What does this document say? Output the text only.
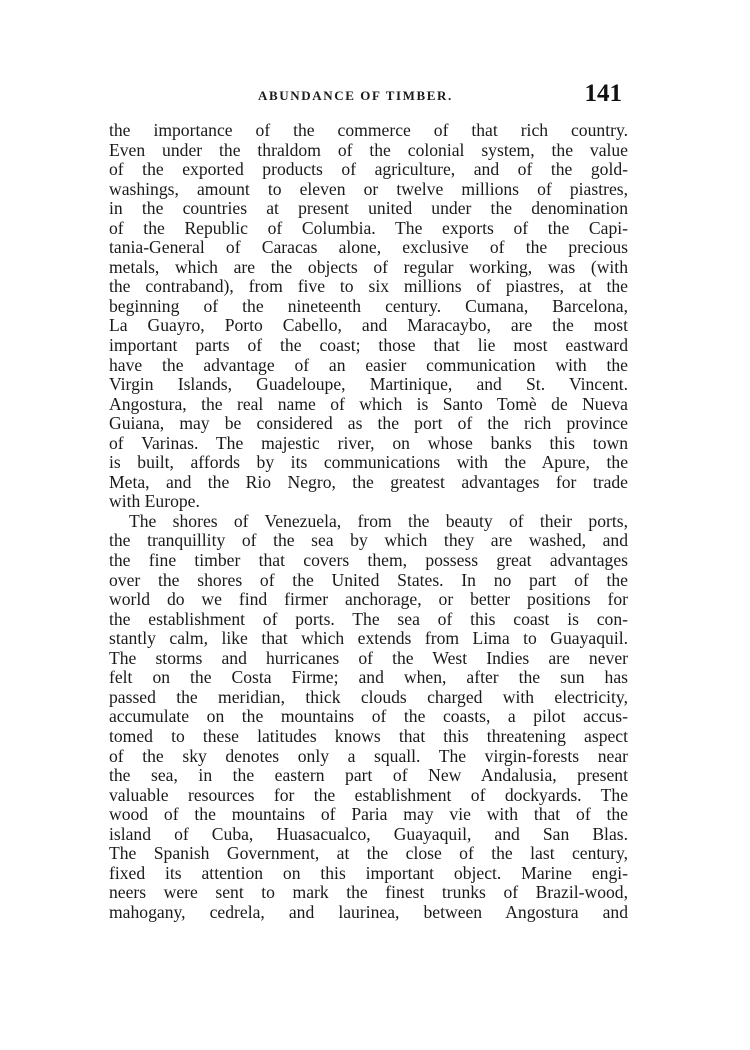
ABUNDANCE OF TIMBER.	141
the importance of the commerce of that rich country.
Even under the thraldom of the colonial system, the value
of the exported products of agriculture, and of the gold-
washings, amount to eleven or twelve millions of piastres,
in the countries at present united under the denomination
of the Republic of Columbia. The exports of the Capi-
tania-General of Caracas alone, exclusive of the precious
metals, which are the objects of regular working, was (with
the contraband), from five to six millions of piastres, at the
beginning of the nineteenth century. Cumana, Barcelona,
La Guayro, Porto Cabello, and Maracaybo, are the most
important parts of the coast; those that lie most eastward
have the advantage of an easier communication with the
Virgin Islands, Guadeloupe, Martinique, and St. Vincent.
Angostura, the real name of which is Santo Tomè de Nueva
Guiana, may be considered as the port of the rich province
of Varinas. The majestic river, on whose banks this town
is built, affords by its communications with the Apure, the
Meta, and the Rio Negro, the greatest advantages for trade
with Europe.
The shores of Venezuela, from the beauty of their ports,
the tranquillity of the sea by which they are washed, and
the fine timber that covers them, possess great advantages
over the shores of the United States. In no part of the
world do we find firmer anchorage, or better positions for
the establishment of ports. The sea of this coast is con-
stantly calm, like that which extends from Lima to Guayaquil.
The storms and hurricanes of the West Indies are never
felt on the Costa Firme; and when, after the sun has
passed the meridian, thick clouds charged with electricity,
accumulate on the mountains of the coasts, a pilot accus-
tomed to these latitudes knows that this threatening aspect
of the sky denotes only a squall. The virgin-forests near
the sea, in the eastern part of New Andalusia, present
valuable resources for the establishment of dockyards. The
wood of the mountains of Paria may vie with that of the
island of Cuba, Huasacualco, Guayaquil, and San Blas.
The Spanish Government, at the close of the last century,
fixed its attention on this important object. Marine engi-
neers were sent to mark the finest trunks of Brazil-wood,
mahogany, cedrela, and laurinea, between Angostura and
